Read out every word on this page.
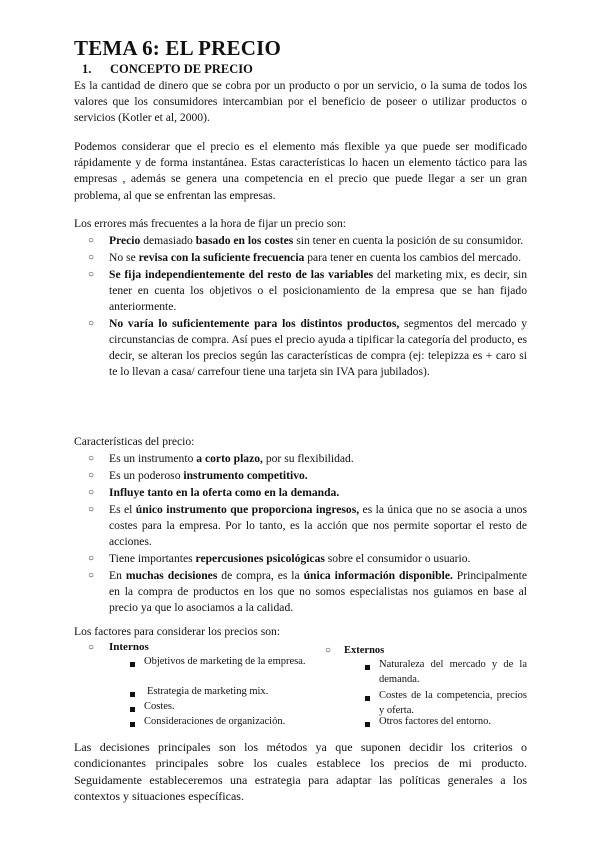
TEMA 6: EL PRECIO
1. CONCEPTO DE PRECIO

Es la cantidad de dinero que se cobra por un producto o por un servicio, o la suma de todos los valores que los consumidores intercambian por el beneficio de poseer o utilizar productos o servicios (Kotler et al, 2000).

Podemos considerar que el precio es el elemento más flexible ya que puede ser modificado rápidamente y de forma instantánea. Estas características lo hacen un elemento táctico para las empresas , además se genera una competencia en el precio que puede llegar a ser un gran problema, al que se enfrentan las empresas.

Los errores más frecuentes a la hora de fijar un precio son:

○ Precio demasiado basado en los costes sin tener en cuenta la posición de su consumidor.
○ No se revisa con la suficiente frecuencia para tener en cuenta los cambios del mercado.
○ Se fija independientemente del resto de las variables del marketing mix, es decir, sin tener en cuenta los objetivos o el posicionamiento de la empresa que se han fijado anteriormente.
○ No varía lo suficientemente para los distintos productos, segmentos del mercado y circunstancias de compra. Así pues el precio ayuda a tipificar la categoría del producto, es decir, se alteran los precios según las características de compra (ej: telepizza es + caro si te lo llevan a casa/ carrefour tiene una tarjeta sin IVA para jubilados).

Características del precio:

○ Es un instrumento a corto plazo, por su flexibilidad.
○ Es un poderoso instrumento competitivo.
○ Influye tanto en la oferta como en la demanda.
○ Es el único instrumento que proporciona ingresos, es la única que no se asocia a unos costes para la empresa. Por lo tanto, es la acción que nos permite soportar el resto de acciones.
○ Tiene importantes repercusiones psicológicas sobre el consumidor o usuario.
○ En muchas decisiones de compra, es la única información disponible. Principalmente en la compra de productos en los que no somos especialistas nos guiamos en base al precio ya que lo asociamos a la calidad.

Los factores para considerar los precios son:

○ Internos
Objetivos de marketing de la empresa.
Estrategia de marketing mix.
Costes.
Consideraciones de organización.
○ Externos
Naturaleza del mercado y de la demanda.
Costes de la competencia, precios y oferta.
Otros factores del entorno.

Las decisiones principales son los métodos ya que suponen decidir los criterios o condicionantes principales sobre los cuales establece los precios de mi producto. Seguidamente estableceremos una estrategia para adaptar las políticas generales a los contextos y situaciones específicas.
